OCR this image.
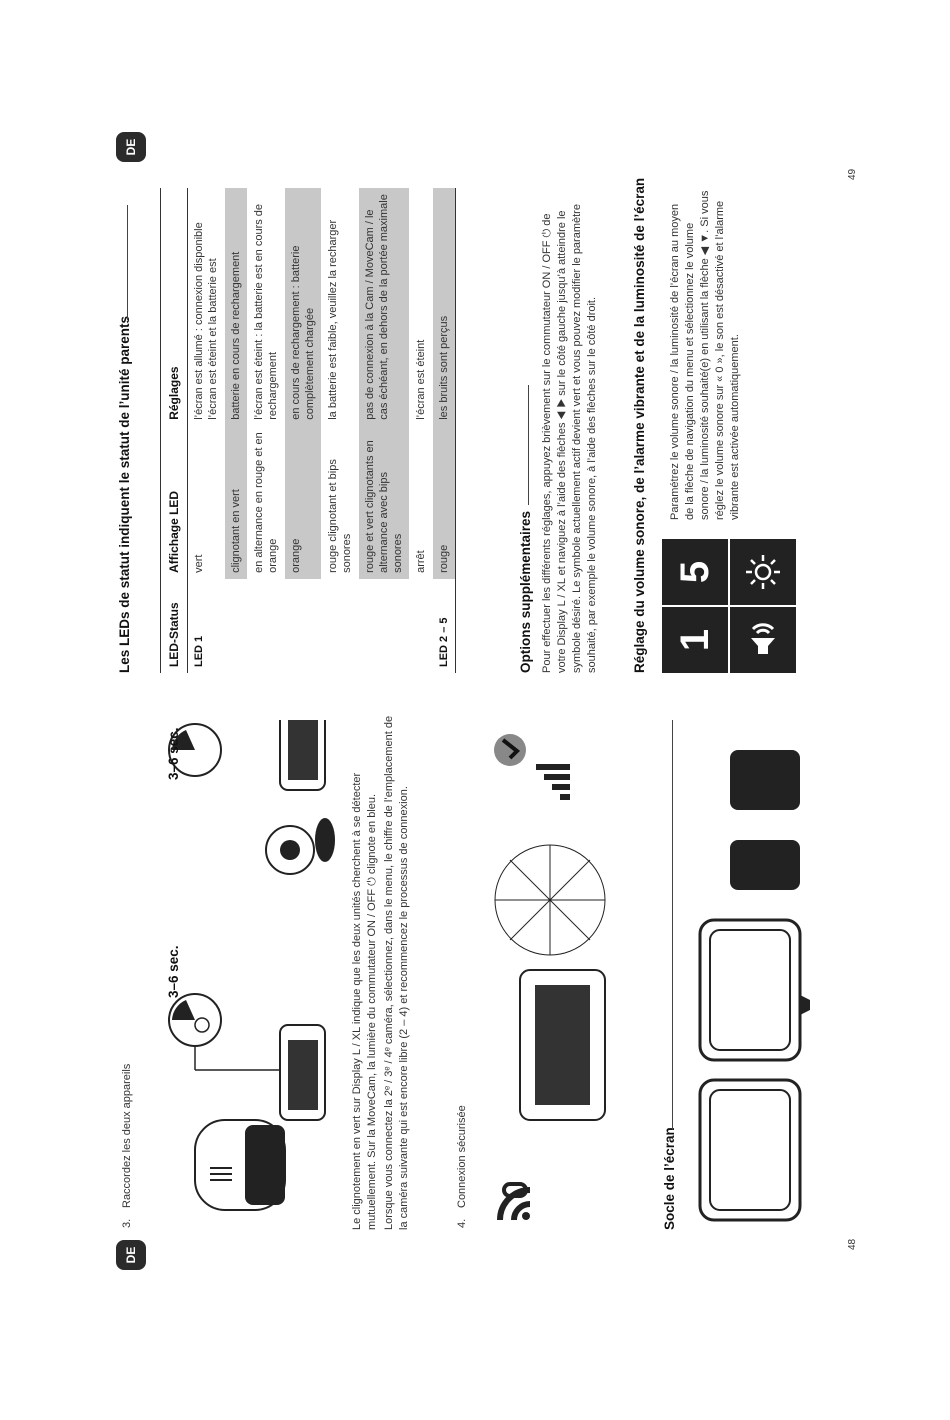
DE
48
3.
Raccordez les deux appareils
3–6 sec.
3–6 sec.
Le clignotement en vert sur Display L / XL indique que les deux unités cherchent à se détecter mutuellement. Sur la MoveCam, la lumière du commutateur ON / OFF ⏻ clignote en bleu. Lorsque vous connectez la 2ᵉ / 3ᵉ / 4ᵉ caméra, sélectionnez, dans le menu, le chiffre de l’emplacement de la caméra suivante qui est encore libre (2 – 4) et recommencez le processus de connexion.	4.
Connexion sécurisée	Socle de l’écran
DE
49
Les LEDs de statut indiquent le statut de l’unité parents	LED-Status	Affichage LED	Réglages
LED 1	vert	l’écran est allumé : connexion disponible l’écran est éteint et la batterie est
	clignotant en vert	batterie en cours de rechargement
	en alternance en rouge et en orange	l’écran est éteint : la batterie est en cours de rechargement
	orange	en cours de rechargement : batterie complètement chargée
	rouge clignotant et bips sonores	la batterie est faible, veuillez la recharger
	rouge et vert clignotants en alternance avec bips sonores	pas de connexion à la Cam / MoveCam / le cas échéant, en dehors de la portée maximale
	arrêt	l’écran est éteint
LED 2 – 5	rouge	les bruits sont perçus
Options supplémentaires Pour effectuer les différents réglages, appuyez brièvement sur le commutateur ON / OFF ⏻ de votre Display L / XL et naviguez à l’aide des flèches ◀ ▶ sur le côté gauche jusqu’à atteindre le symbole désiré. Le symbole actuellement actif devient vert et vous pouvez modifier le paramètre souhaité, par exemple le volume sonore, à l’aide des flèches sur le côté droit.	Réglage du volume sonore, de l’alarme vibrante et de la luminosité de l’écran 1
5
Paramétrez le volume sonore / la luminosité de l’écran au moyen de la flèche de navigation du menu et sélectionnez le volume sonore / la luminosité souhaité(e) en utilisant la flèche ◀ ▼. Si vous réglez le volume sonore sur « 0 », le son est désactivé et l’alarme vibrante est activée automatiquement.
